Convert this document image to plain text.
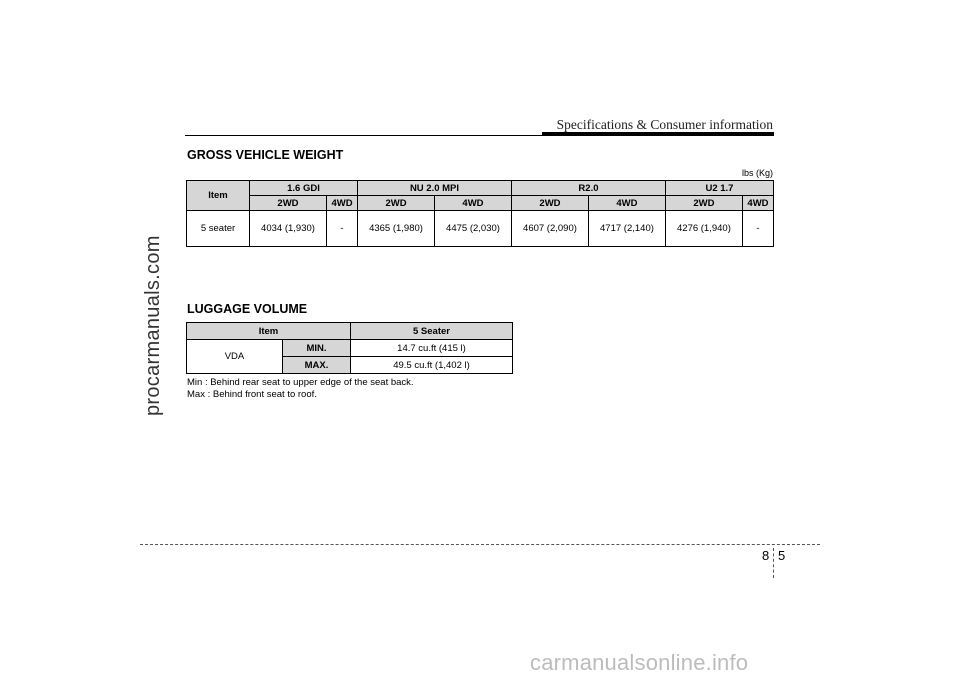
Specifications & Consumer information
procarmanuals.com
GROSS VEHICLE WEIGHT
lbs (Kg)
Item	1.6 GDI		NU 2.0 MPI		R2.0		U2 1.7	
	2WD	4WD	2WD	4WD	2WD	4WD	2WD	4WD
5 seater	4034 (1,930)	-	4365 (1,980)	4475 (2,030)	4607 (2,090)	4717 (2,140)	4276 (1,940)	-
LUGGAGE VOLUME
Item		5 Seater
VDA	MIN.	14.7 cu.ft (415 l)
	MAX.	49.5 cu.ft (1,402 l)
Min : Behind rear seat to upper edge of the seat back.
Max : Behind front seat to roof.
8 5
carmanualsonline.info
